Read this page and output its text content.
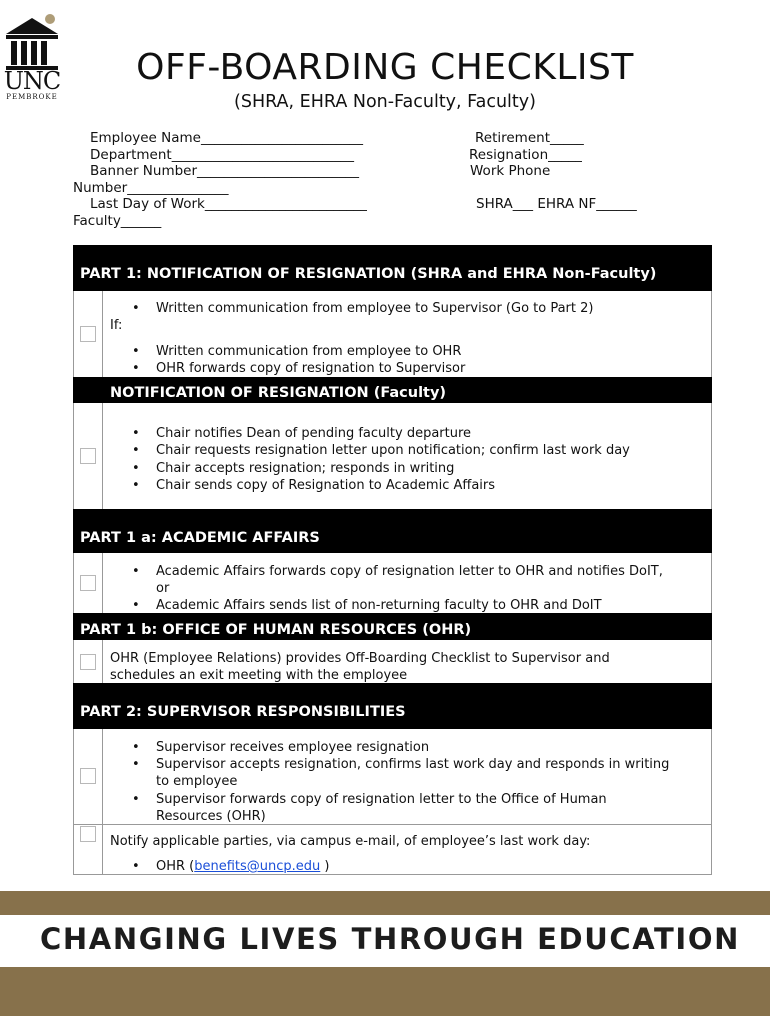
UNC
PEMBROKE
OFF-BOARDING CHECKLIST
(SHRA, EHRA Non-Faculty, Faculty)
Employee Name________________________
Department___________________________
Banner Number________________________
Number_______________
Last Day of Work________________________
Faculty______
Retirement_____
Resignation_____
Work Phone
SHRA___ EHRA NF______
PART 1: NOTIFICATION OF RESIGNATION (SHRA and EHRA Non-Faculty)
• Written communication from employee to Supervisor (Go to Part 2)
If:
• Written communication from employee to OHR
• OHR forwards copy of resignation to Supervisor
NOTIFICATION OF RESIGNATION (Faculty)
• Chair notifies Dean of pending faculty departure
• Chair requests resignation letter upon notification; confirm last work day
• Chair accepts resignation; responds in writing
• Chair sends copy of Resignation to Academic Affairs
PART 1 a: ACADEMIC AFFAIRS
• Academic Affairs forwards copy of resignation letter to OHR and notifies DoIT,
or
• Academic Affairs sends list of non-returning faculty to OHR and DoIT
PART 1 b: OFFICE OF HUMAN RESOURCES (OHR)
OHR (Employee Relations) provides Off-Boarding Checklist to Supervisor and
schedules an exit meeting with the employee
PART 2: SUPERVISOR RESPONSIBILITIES
• Supervisor receives employee resignation
• Supervisor accepts resignation, confirms last work day and responds in writing
to employee
• Supervisor forwards copy of resignation letter to the Office of Human
Resources (OHR)
Notify applicable parties, via campus e-mail, of employee’s last work day:
• OHR (benefits@uncp.edu )
CHANGING LIVES THROUGH EDUCATION
